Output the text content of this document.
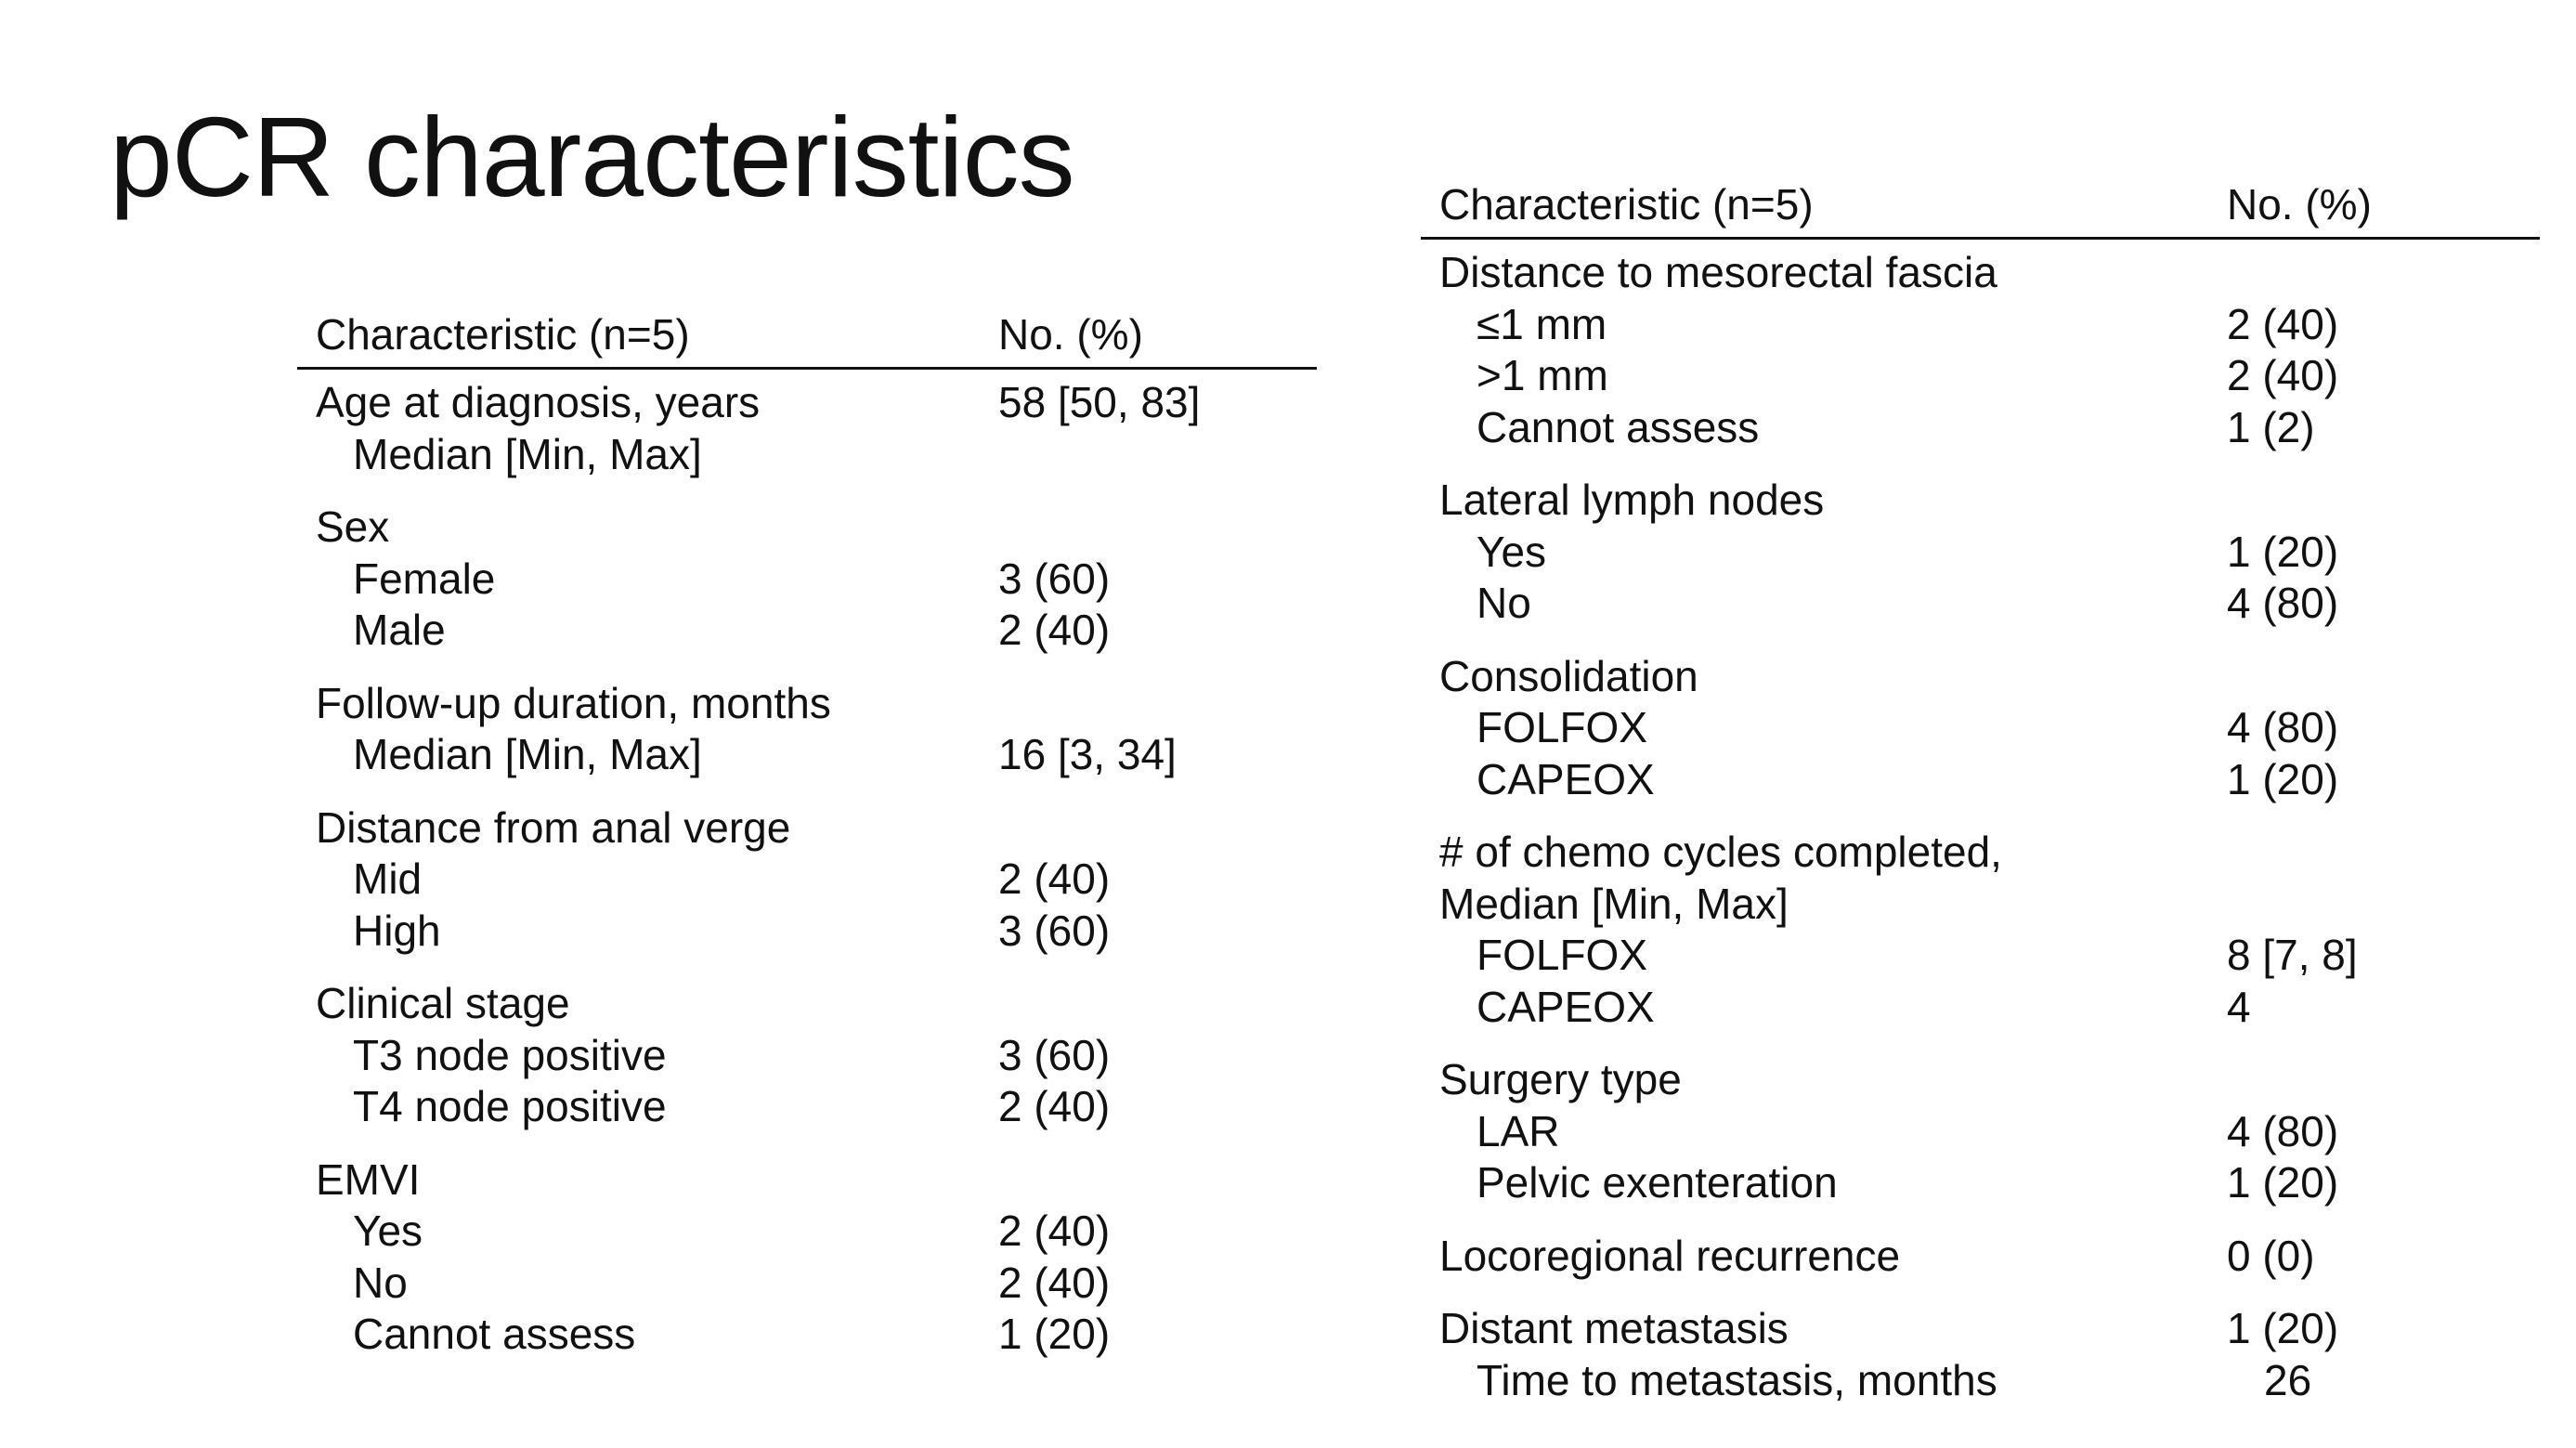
pCR characteristics
Characteristic (n=5)	No. (%)
Age at diagnosis, years	58 [50, 83]
Median [Min, Max]
Sex
Female	3 (60)
Male	2 (40)
Follow-up duration, months
Median [Min, Max]	16 [3, 34]
Distance from anal verge
Mid	2 (40)
High	3 (60)
Clinical stage
T3 node positive	3 (60)
T4 node positive	2 (40)
EMVI
Yes	2 (40)
No	2 (40)
Cannot assess	1 (20)
Characteristic (n=5)	No. (%)
Distance to mesorectal fascia
≤1 mm	2 (40)
>1 mm	2 (40)
Cannot assess	1 (2)
Lateral lymph nodes
Yes	1 (20)
No	4 (80)
Consolidation
FOLFOX	4 (80)
CAPEOX	1 (20)
# of chemo cycles completed,
Median [Min, Max]
FOLFOX	8 [7, 8]
CAPEOX	4
Surgery type
LAR	4 (80)
Pelvic exenteration	1 (20)
Locoregional recurrence	0 (0)
Distant metastasis	1 (20)
Time to metastasis, months	26
